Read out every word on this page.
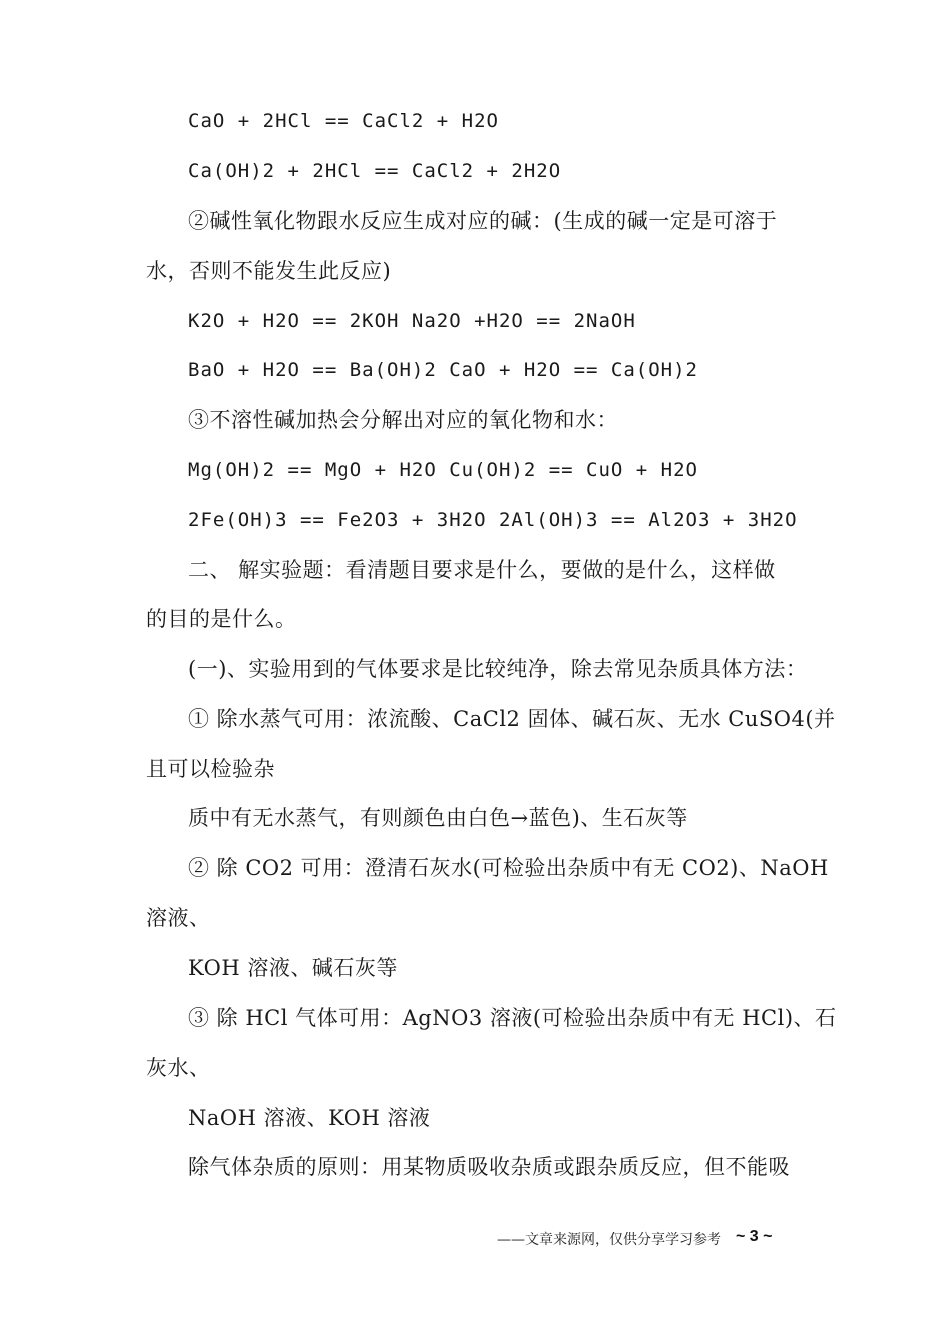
CaO + 2HCl == CaCl2 + H2O
Ca(OH)2 + 2HCl == CaCl2 + 2H2O
②碱性氧化物跟水反应生成对应的碱：(生成的碱一定是可溶于
水，否则不能发生此反应)
K2O + H2O == 2KOH Na2O +H2O == 2NaOH
BaO + H2O == Ba(OH)2 CaO + H2O == Ca(OH)2
③不溶性碱加热会分解出对应的氧化物和水：
Mg(OH)2 == MgO + H2O Cu(OH)2 == CuO + H2O
2Fe(OH)3 == Fe2O3 + 3H2O 2Al(OH)3 == Al2O3 + 3H2O
二、 解实验题：看清题目要求是什么，要做的是什么，这样做
的目的是什么。
(一)、实验用到的气体要求是比较纯净，除去常见杂质具体方法：
① 除水蒸气可用：浓流酸、CaCl2 固体、碱石灰、无水 CuSO4(并
且可以检验杂
质中有无水蒸气，有则颜色由白色→蓝色)、生石灰等
② 除 CO2 可用：澄清石灰水(可检验出杂质中有无 CO2)、NaOH
溶液、
KOH 溶液、碱石灰等
③ 除 HCl 气体可用：AgNO3 溶液(可检验出杂质中有无 HCl)、石
灰水、
NaOH 溶液、KOH 溶液
除气体杂质的原则：用某物质吸收杂质或跟杂质反应，但不能吸
——文章来源网，仅供分享学习参考 ~ 3 ~
